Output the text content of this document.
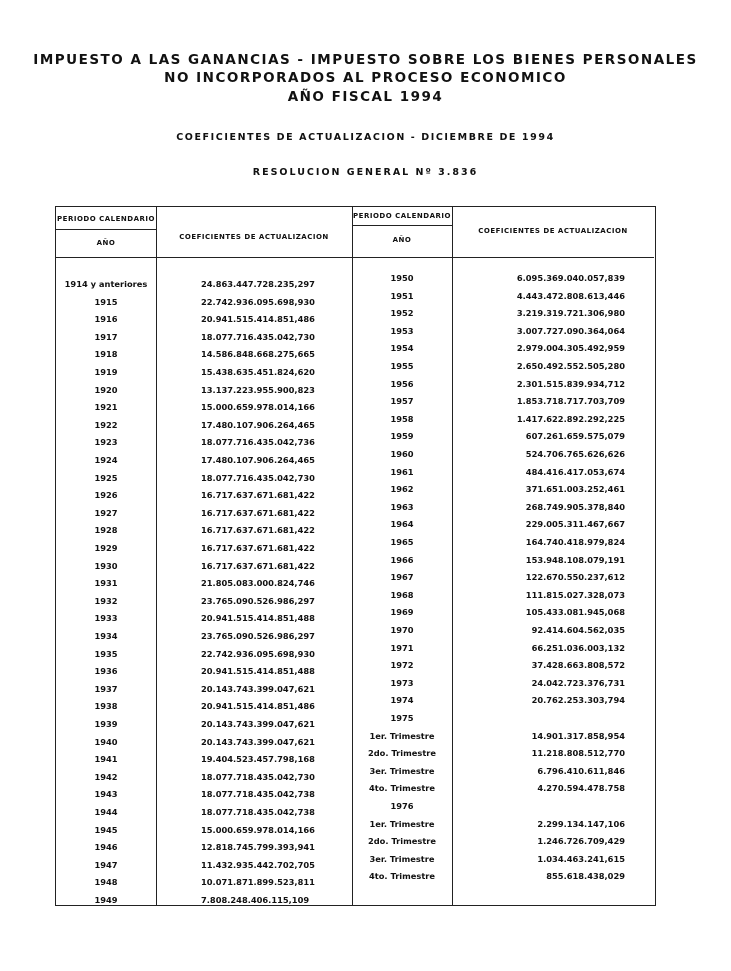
IMPUESTO A LAS GANANCIAS - IMPUESTO SOBRE LOS BIENES PERSONALES
NO INCORPORADOS AL PROCESO ECONOMICO
AÑO FISCAL 1994
COEFICIENTES DE ACTUALIZACION - DICIEMBRE DE 1994
RESOLUCION GENERAL Nº 3.836
PERIODO CALENDARIO
AÑO
COEFICIENTES DE ACTUALIZACION
PERIODO CALENDARIO
AÑO
COEFICIENTES DE ACTUALIZACION
1914 y anteriores	24.863.447.728.235,297
1915	22.742.936.095.698,930
1916	20.941.515.414.851,486
1917	18.077.716.435.042,730
1918	14.586.848.668.275,665
1919	15.438.635.451.824,620
1920	13.137.223.955.900,823
1921	15.000.659.978.014,166
1922	17.480.107.906.264,465
1923	18.077.716.435.042,736
1924	17.480.107.906.264,465
1925	18.077.716.435.042,730
1926	16.717.637.671.681,422
1927	16.717.637.671.681,422
1928	16.717.637.671.681,422
1929	16.717.637.671.681,422
1930	16.717.637.671.681,422
1931	21.805.083.000.824,746
1932	23.765.090.526.986,297
1933	20.941.515.414.851,488
1934	23.765.090.526.986,297
1935	22.742.936.095.698,930
1936	20.941.515.414.851,488
1937	20.143.743.399.047,621
1938	20.941.515.414.851,486
1939	20.143.743.399.047,621
1940	20.143.743.399.047,621
1941	19.404.523.457.798,168
1942	18.077.718.435.042,730
1943	18.077.718.435.042,738
1944	18.077.718.435.042,738
1945	15.000.659.978.014,166
1946	12.818.745.799.393,941
1947	11.432.935.442.702,705
1948	10.071.871.899.523,811
1949	7.808.248.406.115,109
1950	6.095.369.040.057,839
1951	4.443.472.808.613,446
1952	3.219.319.721.306,980
1953	3.007.727.090.364,064
1954	2.979.004.305.492,959
1955	2.650.492.552.505,280
1956	2.301.515.839.934,712
1957	1.853.718.717.703,709
1958	1.417.622.892.292,225
1959	607.261.659.575,079
1960	524.706.765.626,626
1961	484.416.417.053,674
1962	371.651.003.252,461
1963	268.749.905.378,840
1964	229.005.311.467,667
1965	164.740.418.979,824
1966	153.948.108.079,191
1967	122.670.550.237,612
1968	111.815.027.328,073
1969	105.433.081.945,068
1970	92.414.604.562,035
1971	66.251.036.003,132
1972	37.428.663.808,572
1973	24.042.723.376,731
1974	20.762.253.303,794
1975
1er. Trimestre	14.901.317.858,954
2do. Trimestre	11.218.808.512,770
3er. Trimestre	6.796.410.611,846
4to. Trimestre	4.270.594.478.758
1976
1er. Trimestre	2.299.134.147,106
2do. Trimestre	1.246.726.709,429
3er. Trimestre	1.034.463.241,615
4to. Trimestre	855.618.438,029
